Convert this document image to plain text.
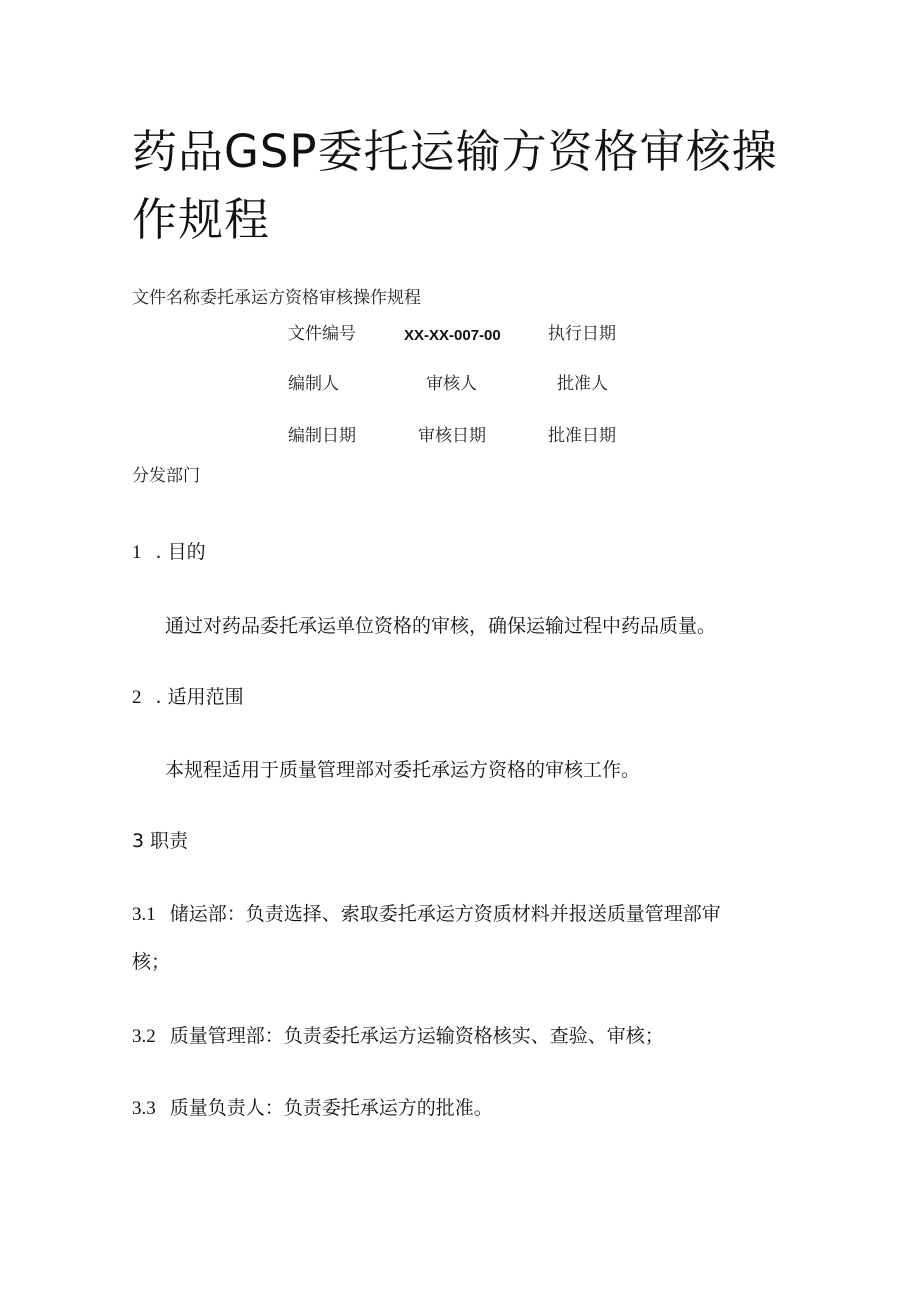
药品GSP委托运输方资格审核操作规程
文件名称委托承运方资格审核操作规程
文件编号	XX-XX-007-00	执行日期
编制人	审核人	批准人
编制日期	审核日期	批准日期
分发部门
1 . 目的
通过对药品委托承运单位资格的审核，确保运输过程中药品质量。
2 . 适用范围
本规程适用于质量管理部对委托承运方资格的审核工作。
3 职责
3.1 储运部：负责选择、索取委托承运方资质材料并报送质量管理部审
核；
3.2 质量管理部：负责委托承运方运输资格核实、查验、审核；
3.3 质量负责人：负责委托承运方的批准。
